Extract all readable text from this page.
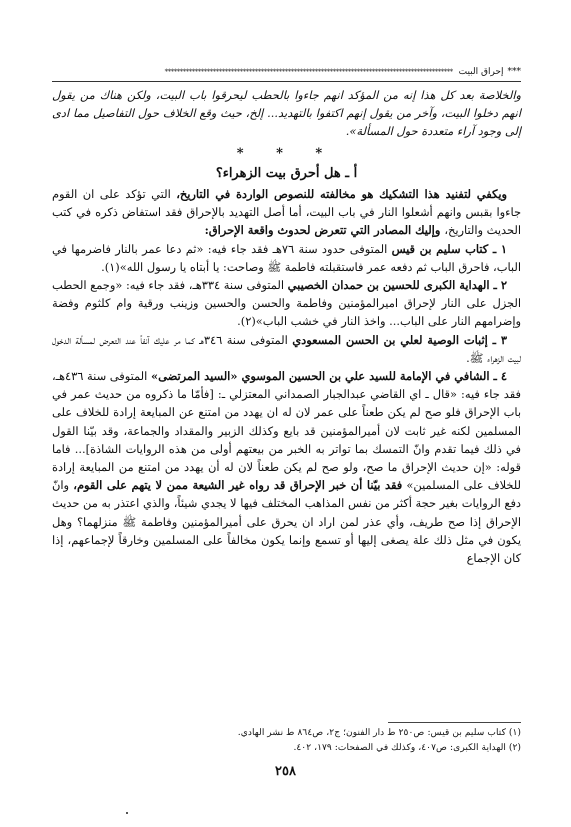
***
إحراق البيت
************************************************************************************************

والخلاصة بعد كل هذا إنه من المؤكد انهم جاءوا بالحطب ليحرقوا باب البيت، ولكن هناك من يقول انهم دخلوا البيت، وآخر من يقول إنهم اكتفوا بالتهديد... إلخ، حيث وقع الخلاف حول التفاصيل مما ادى إلى وجود آراء متعددة حول المسألة».

* * *
أ ـ هل أحرق بيت الزهراء؟

ويكفي لتفنيد هذا التشكيك هو مخالفته للنصوص الواردة في التاريخ، التي تؤكد على ان القوم جاءوا بقبس وانهم أشعلوا النار في باب البيت، أما أصل التهديد بالإحراق فقد استفاض ذكره في كتب الحديث والتاريخ، وإليك المصادر التي تتعرض لحدوث واقعة الإحراق:

١ ـ كتاب سليم بن قيس المتوفى حدود سنة ٧٦هـ فقد جاء فيه: «ثم دعا عمر بالنار فاضرمها في الباب، فاحرق الباب ثم دفعه عمر فاستقبلته فاطمة ﷺ وصاحت: يا أبتاه يا رسول الله»(١).

٢ ـ الهداية الكبرى للحسين بن حمدان الخصيبي المتوفى سنة ٣٣٤هـ، فقد جاء فيه: «وجمع الحطب الجزل على النار لإحراق اميرالمؤمنين وفاطمة والحسن والحسين وزينب ورقية وام كلثوم وفضة وإضرامهم النار على الباب... واخذ النار في خشب الباب»(٢).

٣ ـ إثبات الوصية لعلي بن الحسن المسعودي المتوفى سنة ٣٤٦هـ كما مر عليك آنفاً عند التعرض لمسألة الدخول لبيت الزهراء ﷺ.

٤ ـ الشافي في الإمامة للسيد علي بن الحسين الموسوي «السيد المرتضى» المتوفى سنة ٤٣٦هـ، فقد جاء فيه: «قال ـ اي القاضي عبدالجبار الصمداني المعتزلي ـ: [فأمّا ما ذكروه من حديث عمر في باب الإحراق فلو صح لم يكن طعناً على عمر لان له ان يهدد من امتنع عن المبايعة إرادة للخلاف على المسلمين لكنه غير ثابت لان أميرالمؤمنين قد بايع وكذلك الزبير والمقداد والجماعة، وقد بيّنا القول في ذلك فيما تقدم وانّ التمسك بما تواتر به الخبر من بيعتهم أولى من هذه الروايات الشاذة]... فاما قوله: «إن حديث الإحراق ما صح، ولو صح لم يكن طعناً لان له أن يهدد من امتنع من المبايعة إرادة للخلاف على المسلمين» فقد بيّنا أن خبر الإحراق قد رواه غير الشيعة ممن لا يتهم على القوم، وانّ دفع الروايات بغير حجة أكثر من نفس المذاهب المختلف فيها لا يجدي شيئاً، والذي اعتذر به من حديث الإحراق إذا صح طريف، وأي عذر لمن اراد ان يحرق على أميرالمؤمنين وفاطمة ﷺ منزلهما؟ وهل يكون في مثل ذلك علة يصغى إليها أو تسمع وإنما يكون مخالفاً على المسلمين وخارقاً لإجماعهم، إذا كان الإجماع

(١) كتاب سليم بن قيس: ص٢٥٠ ط دار الفنون؛ ج٢، ص٨٦٤ ط نشر الهادي.

(٢) الهداية الكبرى: ص٤٠٧، وكذلك في الصفحات: ١٧٩، ٤٠٢.

٢٥٨
